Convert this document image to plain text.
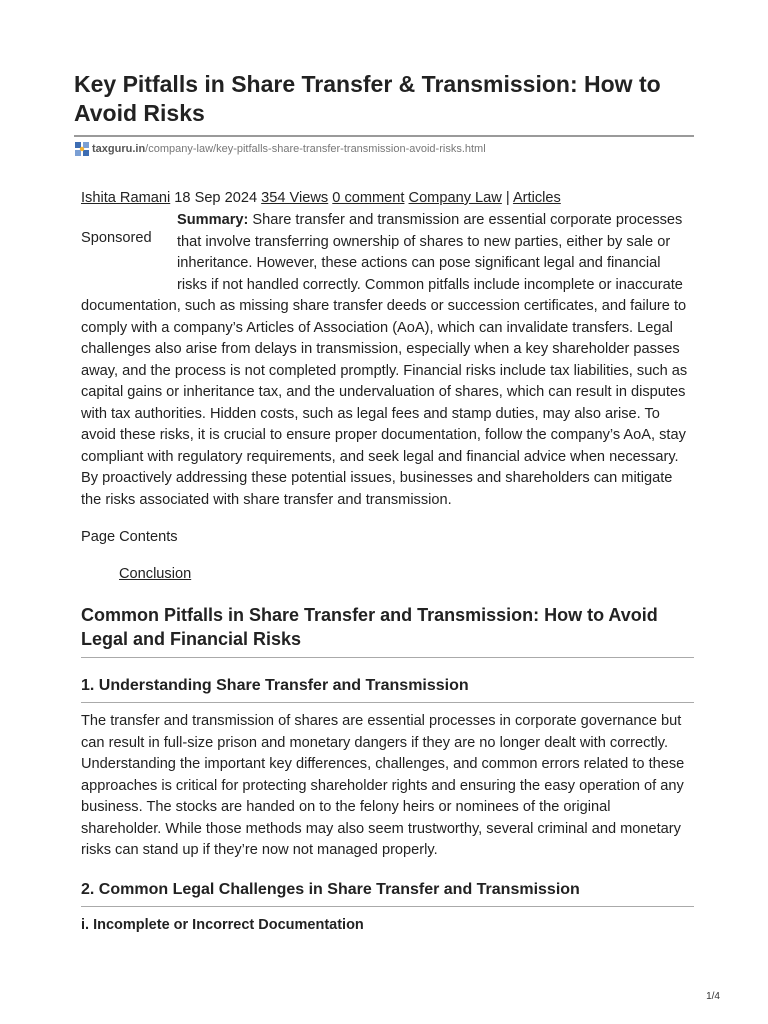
Key Pitfalls in Share Transfer & Transmission: How to Avoid Risks
taxguru.in /company-law/key-pitfalls-share-transfer-transmission-avoid-risks.html

Ishita Ramani 18 Sep 2024 354 Views 0 comment Company Law | Articles

Sponsored

Summary: Share transfer and transmission are essential corporate processes that involve transferring ownership of shares to new parties, either by sale or inheritance. However, these actions can pose significant legal and financial risks if not handled correctly. Common pitfalls include incomplete or inaccurate documentation, such as missing share transfer deeds or succession certificates, and failure to comply with a company’s Articles of Association (AoA), which can invalidate transfers. Legal challenges also arise from delays in transmission, especially when a key shareholder passes away, and the process is not completed promptly. Financial risks include tax liabilities, such as capital gains or inheritance tax, and the undervaluation of shares, which can result in disputes with tax authorities. Hidden costs, such as legal fees and stamp duties, may also arise. To avoid these risks, it is crucial to ensure proper documentation, follow the company’s AoA, stay compliant with regulatory requirements, and seek legal and financial advice when necessary. By proactively addressing these potential issues, businesses and shareholders can mitigate the risks associated with share transfer and transmission.

Page Contents

Conclusion
Common Pitfalls in Share Transfer and Transmission: How to Avoid Legal and Financial Risks
1. Understanding Share Transfer and Transmission

The transfer and transmission of shares are essential processes in corporate governance but can result in full-size prison and monetary dangers if they are no longer dealt with correctly. Understanding the important key differences, challenges, and common errors related to these approaches is critical for protecting shareholder rights and ensuring the easy operation of any business. The stocks are handed on to the felony heirs or nominees of the original shareholder. While those methods may also seem trustworthy, several criminal and monetary risks can stand up if they’re now not managed properly.

2. Common Legal Challenges in Share Transfer and Transmission
i. Incomplete or Incorrect Documentation
1/4
